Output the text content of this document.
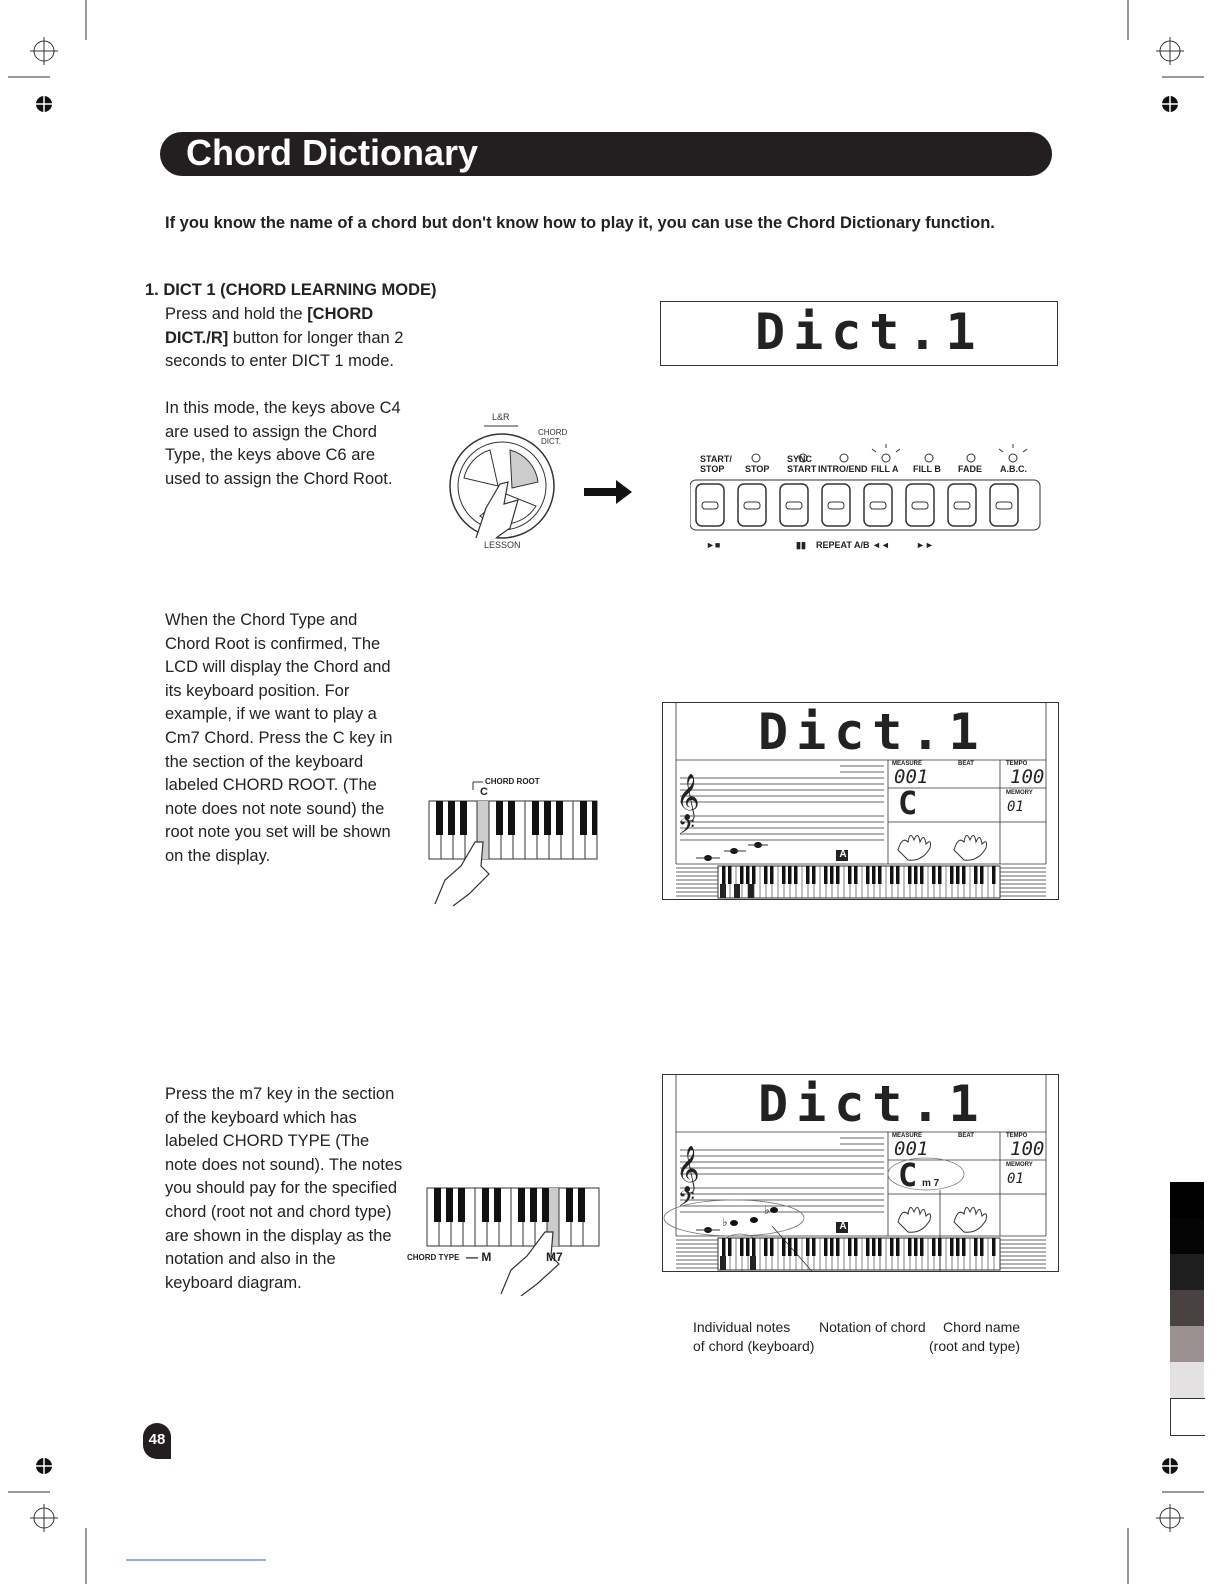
Chord Dictionary
If you know the name of a chord but don't know how to play it, you can use the Chord Dictionary function.
1. DICT 1 (CHORD LEARNING MODE)
Press and hold the [CHORD DICT./R] button for longer than 2 seconds to enter DICT 1 mode.
In this mode, the keys above C4 are used to assign the Chord Type, the keys above C6 are used to assign the Chord Root.
When the Chord Type and Chord Root is confirmed, The LCD will display the Chord and its keyboard position. For example, if we want to play a Cm7 Chord. Press the C key in the section of the keyboard labeled CHORD ROOT. (The note does not note sound) the root note you set will be shown on the display.
Press the m7 key in the section of the keyboard which has labeled CHORD TYPE (The note does not sound). The notes you should pay for the specified chord (root not and chord type) are shown in the display as the notation and also in the keyboard diagram.
Dict.1
L&R
CHORD
DICT.
LESSON
START/ STOP	STOP
SYNC START INTRO/END FILL A FILL B FADE A.B.C.
►■	▮▮ REPEAT A/B ◄◄	►►
CHORD ROOT
C
CHORD TYPE — M	M7
𝄞
𝄢
Dict.1
MEASURE	BEAT	TEMPO
MEMORY
001	100
01
C
A
𝄞
𝄢
♭
♭
Dict.1
MEASURE	BEAT	TEMPO
MEMORY
001	100
01
C m 7
A
Individual notes
of chord (keyboard)
Notation of chord	Chord name
(root and type)
48
